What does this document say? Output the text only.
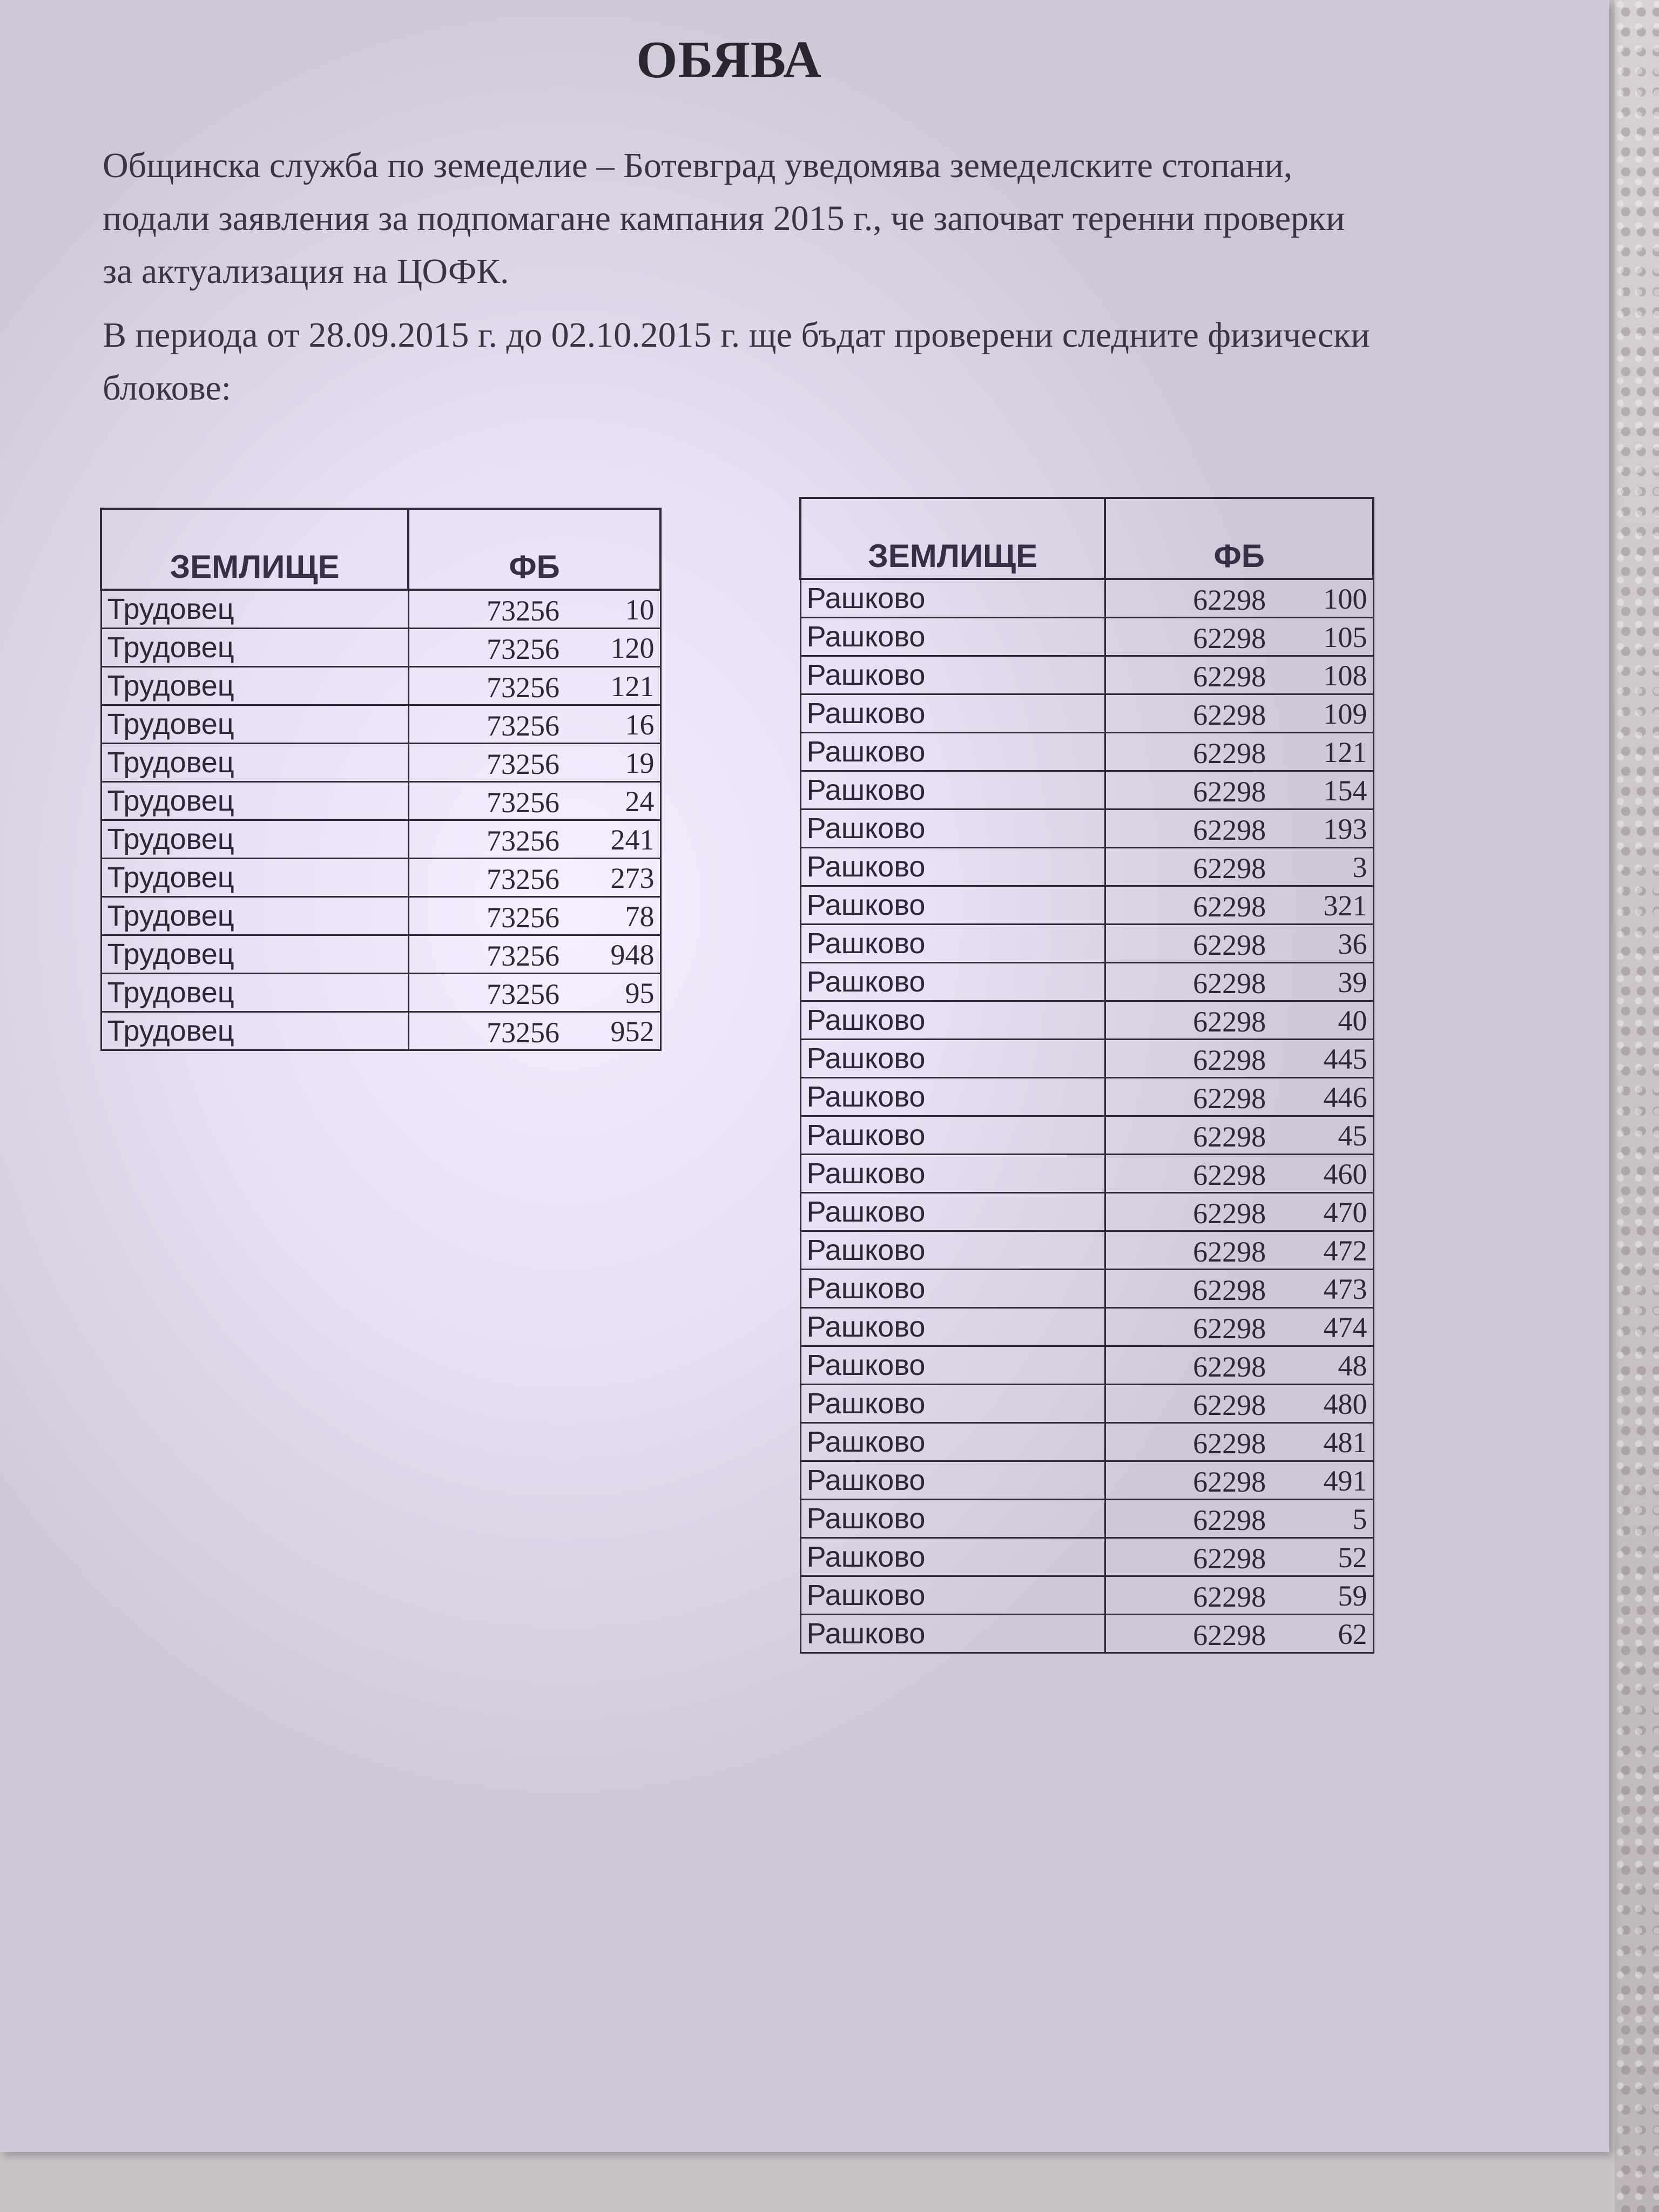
ОБЯВА
Общинска служба по земеделие – Ботевград уведомява земеделските стопани, подали заявления за подпомагане кампания 2015 г., че започват теренни проверки за актуализация на ЦОФК.
В периода от 28.09.2015 г. до 02.10.2015 г. ще бъдат проверени следните физически блокове:
ЗЕМЛИЩЕ	ФБ
Трудовец	73256 10

Трудовец	73256 120

Трудовец	73256 121

Трудовец	73256 16

Трудовец	73256 19

Трудовец	73256 24

Трудовец	73256 241

Трудовец	73256 273

Трудовец	73256 78

Трудовец	73256 948

Трудовец	73256 95

Трудовец	73256 952
ЗЕМЛИЩЕ	ФБ
Рашково	62298 100

Рашково	62298 105

Рашково	62298 108

Рашково	62298 109

Рашково	62298 121

Рашково	62298 154

Рашково	62298 193

Рашково	62298 3

Рашково	62298 321

Рашково	62298 36

Рашково	62298 39

Рашково	62298 40

Рашково	62298 445

Рашково	62298 446

Рашково	62298 45

Рашково	62298 460

Рашково	62298 470

Рашково	62298 472

Рашково	62298 473

Рашково	62298 474

Рашково	62298 48

Рашково	62298 480

Рашково	62298 481

Рашково	62298 491

Рашково	62298 5

Рашково	62298 52

Рашково	62298 59

Рашково	62298 62
